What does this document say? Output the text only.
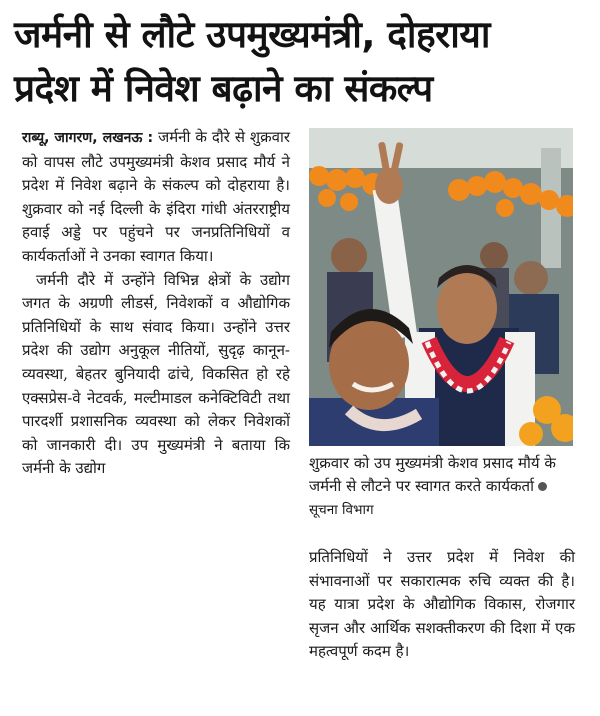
जर्मनी से लौटे उपमुख्यमंत्री, दोहराया
प्रदेश में निवेश बढ़ाने का संकल्प

राब्यू, जागरण, लखनऊ : जर्मनी के दौरे से शुक्रवार को वापस लौटे उपमुख्यमंत्री केशव प्रसाद मौर्य ने प्रदेश में निवेश बढ़ाने के संकल्प को दोहराया है। शुक्रवार को नई दिल्ली के इंदिरा गांधी अंतरराष्ट्रीय हवाई अड्डे पर पहुंचने पर जनप्रतिनिधियों व कार्यकर्ताओं ने उनका स्वागत किया।

जर्मनी दौरे में उन्होंने विभिन्न क्षेत्रों के उद्योग जगत के अग्रणी लीडर्स, निवेशकों व औद्योगिक प्रतिनिधियों के साथ संवाद किया। उन्होंने उत्तर प्रदेश की उद्योग अनुकूल नीतियों, सुदृढ़ कानून-व्यवस्था, बेहतर बुनियादी ढांचे, विकसित हो रहे एक्सप्रेस-वे नेटवर्क, मल्टीमाडल कनेक्टिविटी तथा पारदर्शी प्रशासनिक व्यवस्था को लेकर निवेशकों को जानकारी दी। उप मुख्यमंत्री ने बताया कि जर्मनी के उद्योग	शुक्रवार को उप मुख्यमंत्री केशव प्रसाद मौर्य के जर्मनी से लौटने पर स्वागत करते कार्यकर्तासूचना विभाग

प्रतिनिधियों ने उत्तर प्रदेश में निवेश की संभावनाओं पर सकारात्मक रुचि व्यक्त की है। यह यात्रा प्रदेश के औद्योगिक विकास, रोजगार सृजन और आर्थिक सशक्तीकरण की दिशा में एक महत्वपूर्ण कदम है।
